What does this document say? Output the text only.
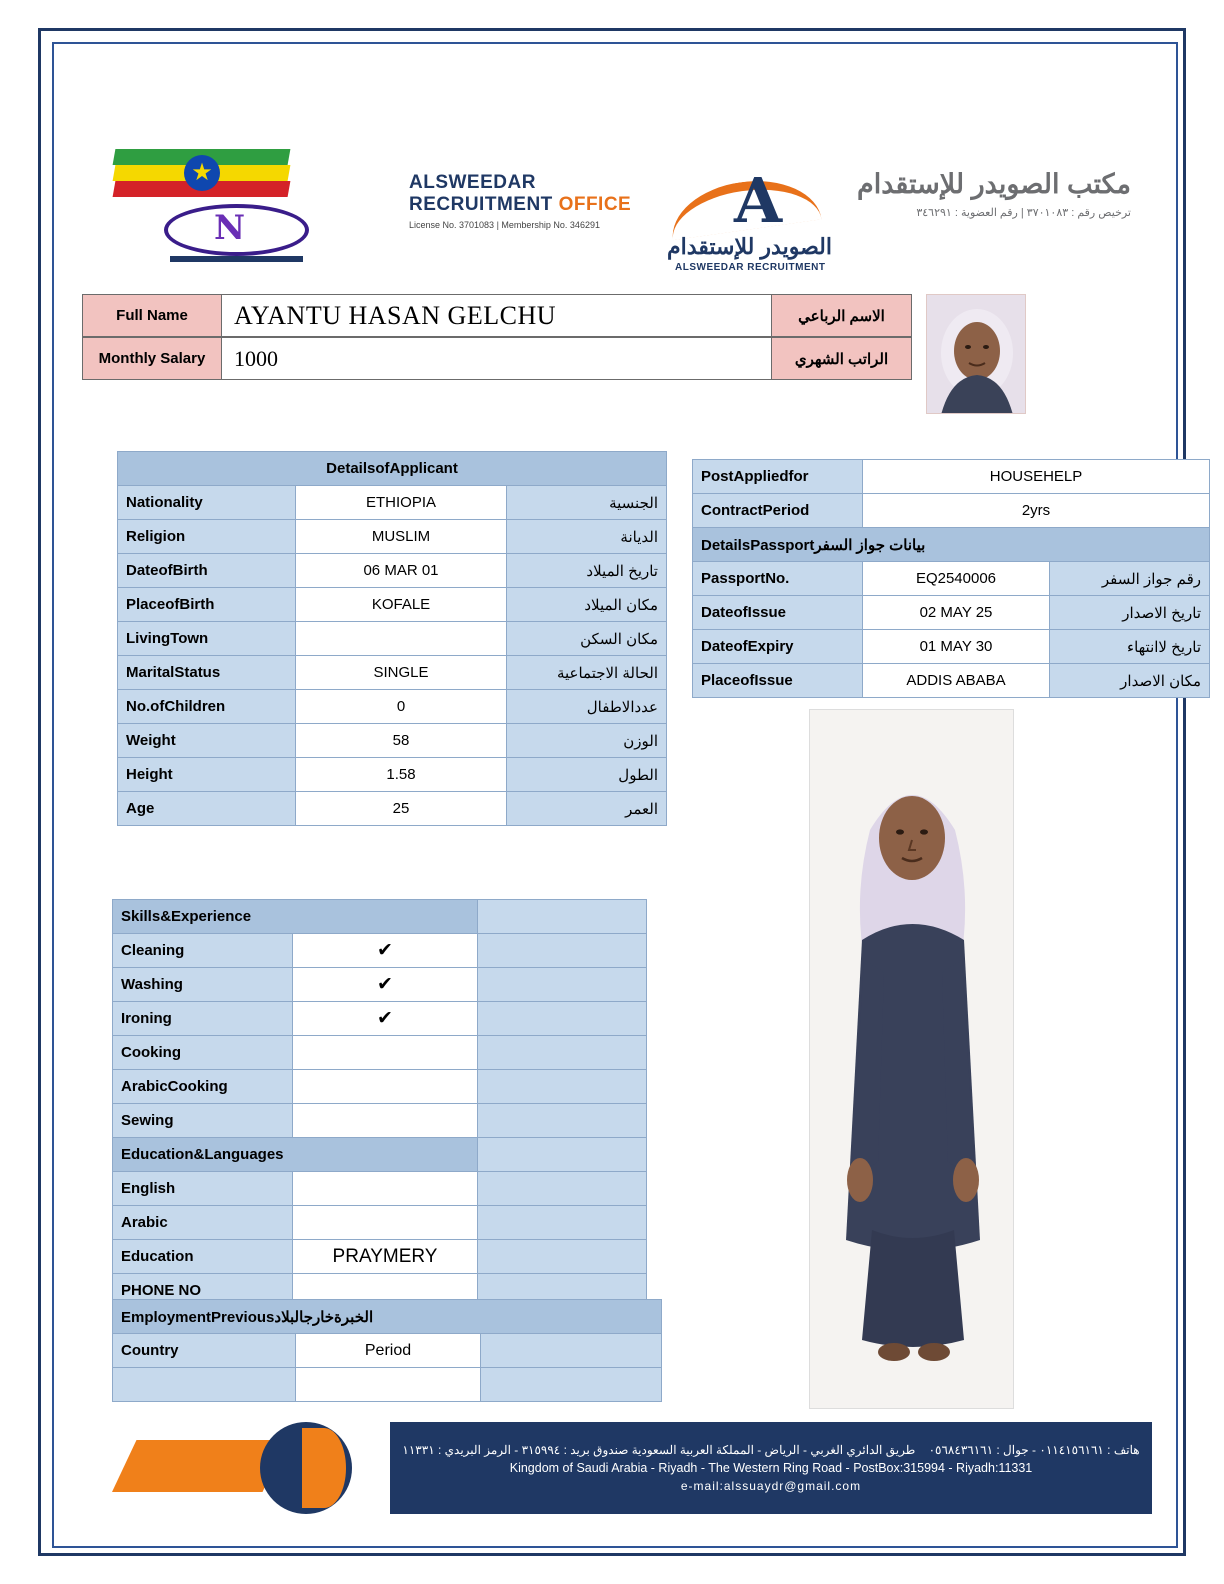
★
N
ALSWEEDAR
RECRUITMENT OFFICE
License No. 3701083 | Membership No. 346291	A
الصويدر للإستقدام
ALSWEEDAR RECRUITMENT
مكتب الصويدر للإستقدام
ترخيص رقم : ٣٧٠١٠٨٣ | رقم العضوية : ٣٤٦٢٩١
Full Name	AYANTU HASAN GELCHU	الاسم الرباعي
Monthly Salary	1000	الراتب الشهري
DetailsofApplicant		
Nationality	ETHIOPIA	الجنسية
Religion	MUSLIM	الديانة
DateofBirth	06 MAR 01	تاريخ الميلاد
PlaceofBirth	KOFALE	مكان الميلاد
LivingTown		مكان السكن
MaritalStatus	SINGLE	الحالة الاجتماعية
No.ofChildren	0	عددالاطفال
Weight	58	الوزن
Height	1.58	الطول
Age	25	العمر
PostAppliedfor	HOUSEHELP	
ContractPeriod	2yrs	
DetailsPassportبيانات جواز السفر		
PassportNo.	EQ2540006	رقم جواز السفر
DateofIssue	02 MAY 25	تاريخ الاصدار
DateofExpiry	01 MAY 30	تاريخ لاانتهاء
PlaceofIssue	ADDIS ABABA	مكان الاصدار
Skills&Experience		
Cleaning	✔	
Washing	✔	
Ironing	✔	
Cooking		
ArabicCooking		
Sewing		
Education&Languages		
English		
Arabic		
Education	PRAYMERY	
PHONE NO		
EmploymentPreviousالخبرةخارجالبلاد		
Country	Period	

هاتف : ٠١١٤١٥٦١٦١ - جوال : ٠٥٦٨٤٣٦١٦١    طريق الدائري الغربي - الرياض - المملكة العربية السعودية صندوق بريد : ٣١٥٩٩٤ - الرمز البريدي : ١١٣٣١
Kingdom of Saudi Arabia - Riyadh - The Western Ring Road - PostBox:315994 - Riyadh:11331
e-mail:alssuaydr@gmail.com
